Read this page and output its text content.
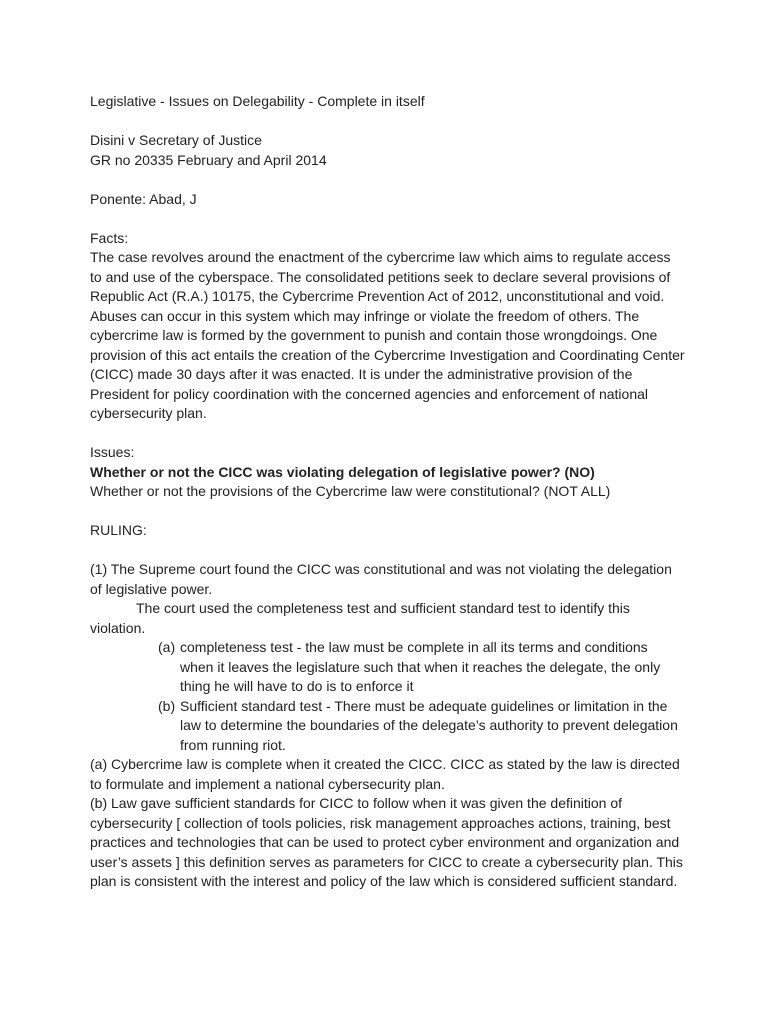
Legislative - Issues on Delegability - Complete in itself

Disini v Secretary of Justice

GR no 20335 February and April 2014

Ponente: Abad, J

Facts:

The case revolves around the enactment of the cybercrime law which aims to regulate access to and use of the cyberspace. The consolidated petitions seek to declare several provisions of Republic Act (R.A.) 10175, the Cybercrime Prevention Act of 2012, unconstitutional and void. Abuses can occur in this system which may infringe or violate the freedom of others. The cybercrime law is formed by the government to punish and contain those wrongdoings. One provision of this act entails the creation of the Cybercrime Investigation and Coordinating Center (CICC) made 30 days after it was enacted. It is under the administrative provision of the President for policy coordination with the concerned agencies and enforcement of national cybersecurity plan.

Issues:

Whether or not the CICC was violating delegation of legislative power? (NO)

Whether or not the provisions of the Cybercrime law were constitutional? (NOT ALL)

RULING:

(1) The Supreme court found the CICC was constitutional and was not violating the delegation of legislative power.

The court used the completeness test and sufficient standard test to identify this violation.

(a) completeness test - the law must be complete in all its terms and conditions when it leaves the legislature such that when it reaches the delegate, the only thing he will have to do is to enforce it
(b) Sufficient standard test - There must be adequate guidelines or limitation in the law to determine the boundaries of the delegate’s authority to prevent delegation from running riot.

(a) Cybercrime law is complete when it created the CICC. CICC as stated by the law is directed to formulate and implement a national cybersecurity plan.

(b) Law gave sufficient standards for CICC to follow when it was given the definition of cybersecurity [ collection of tools policies, risk management approaches actions, training, best practices and technologies that can be used to protect cyber environment and organization and user’s assets ] this definition serves as parameters for CICC to create a cybersecurity plan. This plan is consistent with the interest and policy of the law which is considered sufficient standard.
